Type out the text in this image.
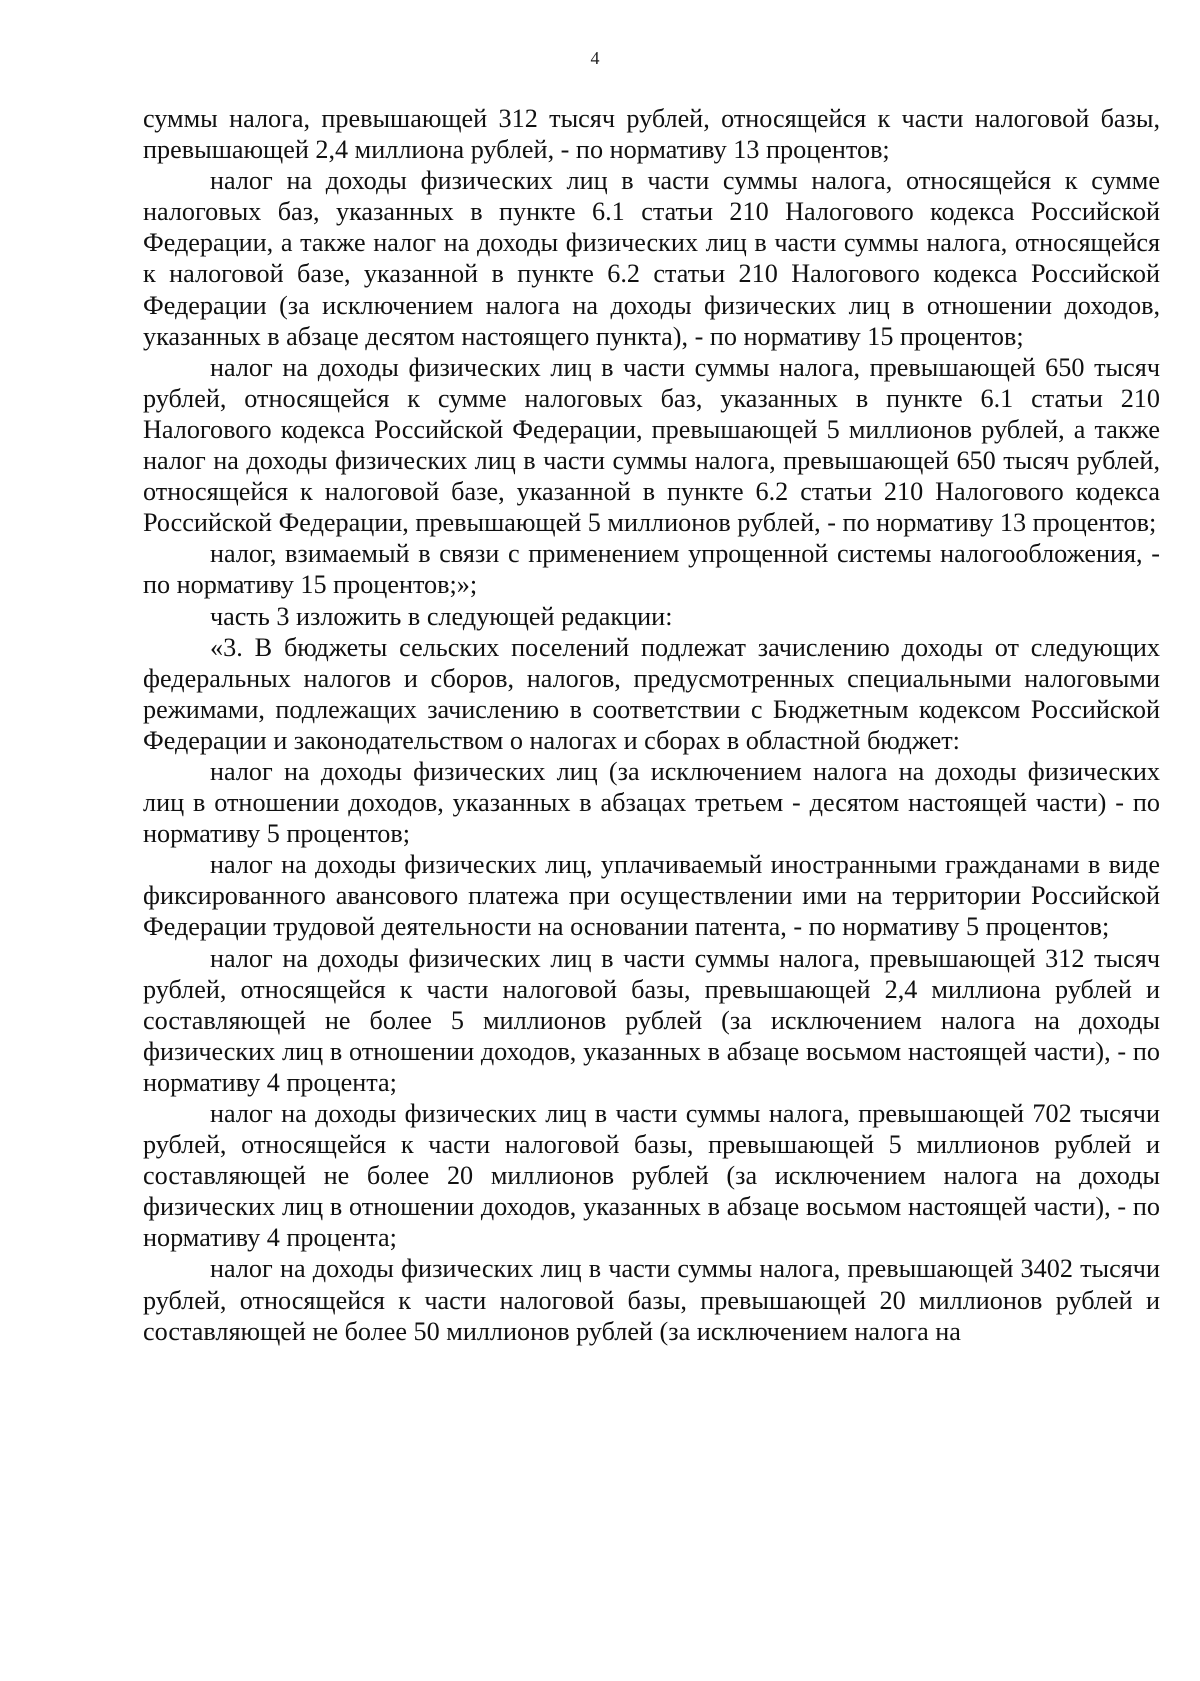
4

суммы налога, превышающей 312 тысяч рублей, относящейся к части налоговой базы, превышающей 2,4 миллиона рублей, - по нормативу 13 процентов;

налог на доходы физических лиц в части суммы налога, относящейся к сумме налоговых баз, указанных в пункте 6.1 статьи 210 Налогового кодекса Российской Федерации, а также налог на доходы физических лиц в части суммы налога, относящейся к налоговой базе, указанной в пункте 6.2 статьи 210 Налогового кодекса Российской Федерации (за исключением налога на доходы физических лиц в отношении доходов, указанных в абзаце десятом настоящего пункта), - по нормативу 15 процентов;

налог на доходы физических лиц в части суммы налога, превышающей 650 тысяч рублей, относящейся к сумме налоговых баз, указанных в пункте 6.1 статьи 210 Налогового кодекса Российской Федерации, превышающей 5 миллионов рублей, а также налог на доходы физических лиц в части суммы налога, превышающей 650 тысяч рублей, относящейся к налоговой базе, указанной в пункте 6.2 статьи 210 Налогового кодекса Российской Федерации, превышающей 5 миллионов рублей, - по нормативу 13 процентов;

налог, взимаемый в связи с применением упрощенной системы налогообложения, - по нормативу 15 процентов;»;

часть 3 изложить в следующей редакции:

«3. В бюджеты сельских поселений подлежат зачислению доходы от следующих федеральных налогов и сборов, налогов, предусмотренных специальными налоговыми режимами, подлежащих зачислению в соответствии с Бюджетным кодексом Российской Федерации и законодательством о налогах и сборах в областной бюджет:

налог на доходы физических лиц (за исключением налога на доходы физических лиц в отношении доходов, указанных в абзацах третьем - десятом настоящей части) - по нормативу 5 процентов;

налог на доходы физических лиц, уплачиваемый иностранными гражданами в виде фиксированного авансового платежа при осуществлении ими на территории Российской Федерации трудовой деятельности на основании патента, - по нормативу 5 процентов;

налог на доходы физических лиц в части суммы налога, превышающей 312 тысяч рублей, относящейся к части налоговой базы, превышающей 2,4 миллиона рублей и составляющей не более 5 миллионов рублей (за исключением налога на доходы физических лиц в отношении доходов, указанных в абзаце восьмом настоящей части), - по нормативу 4 процента;

налог на доходы физических лиц в части суммы налога, превышающей 702 тысячи рублей, относящейся к части налоговой базы, превышающей 5 миллионов рублей и составляющей не более 20 миллионов рублей (за исключением налога на доходы физических лиц в отношении доходов, указанных в абзаце восьмом настоящей части), - по нормативу 4 процента;

налог на доходы физических лиц в части суммы налога, превышающей 3402 тысячи рублей, относящейся к части налоговой базы, превышающей 20 миллионов рублей и составляющей не более 50 миллионов рублей (за исключением налога на
